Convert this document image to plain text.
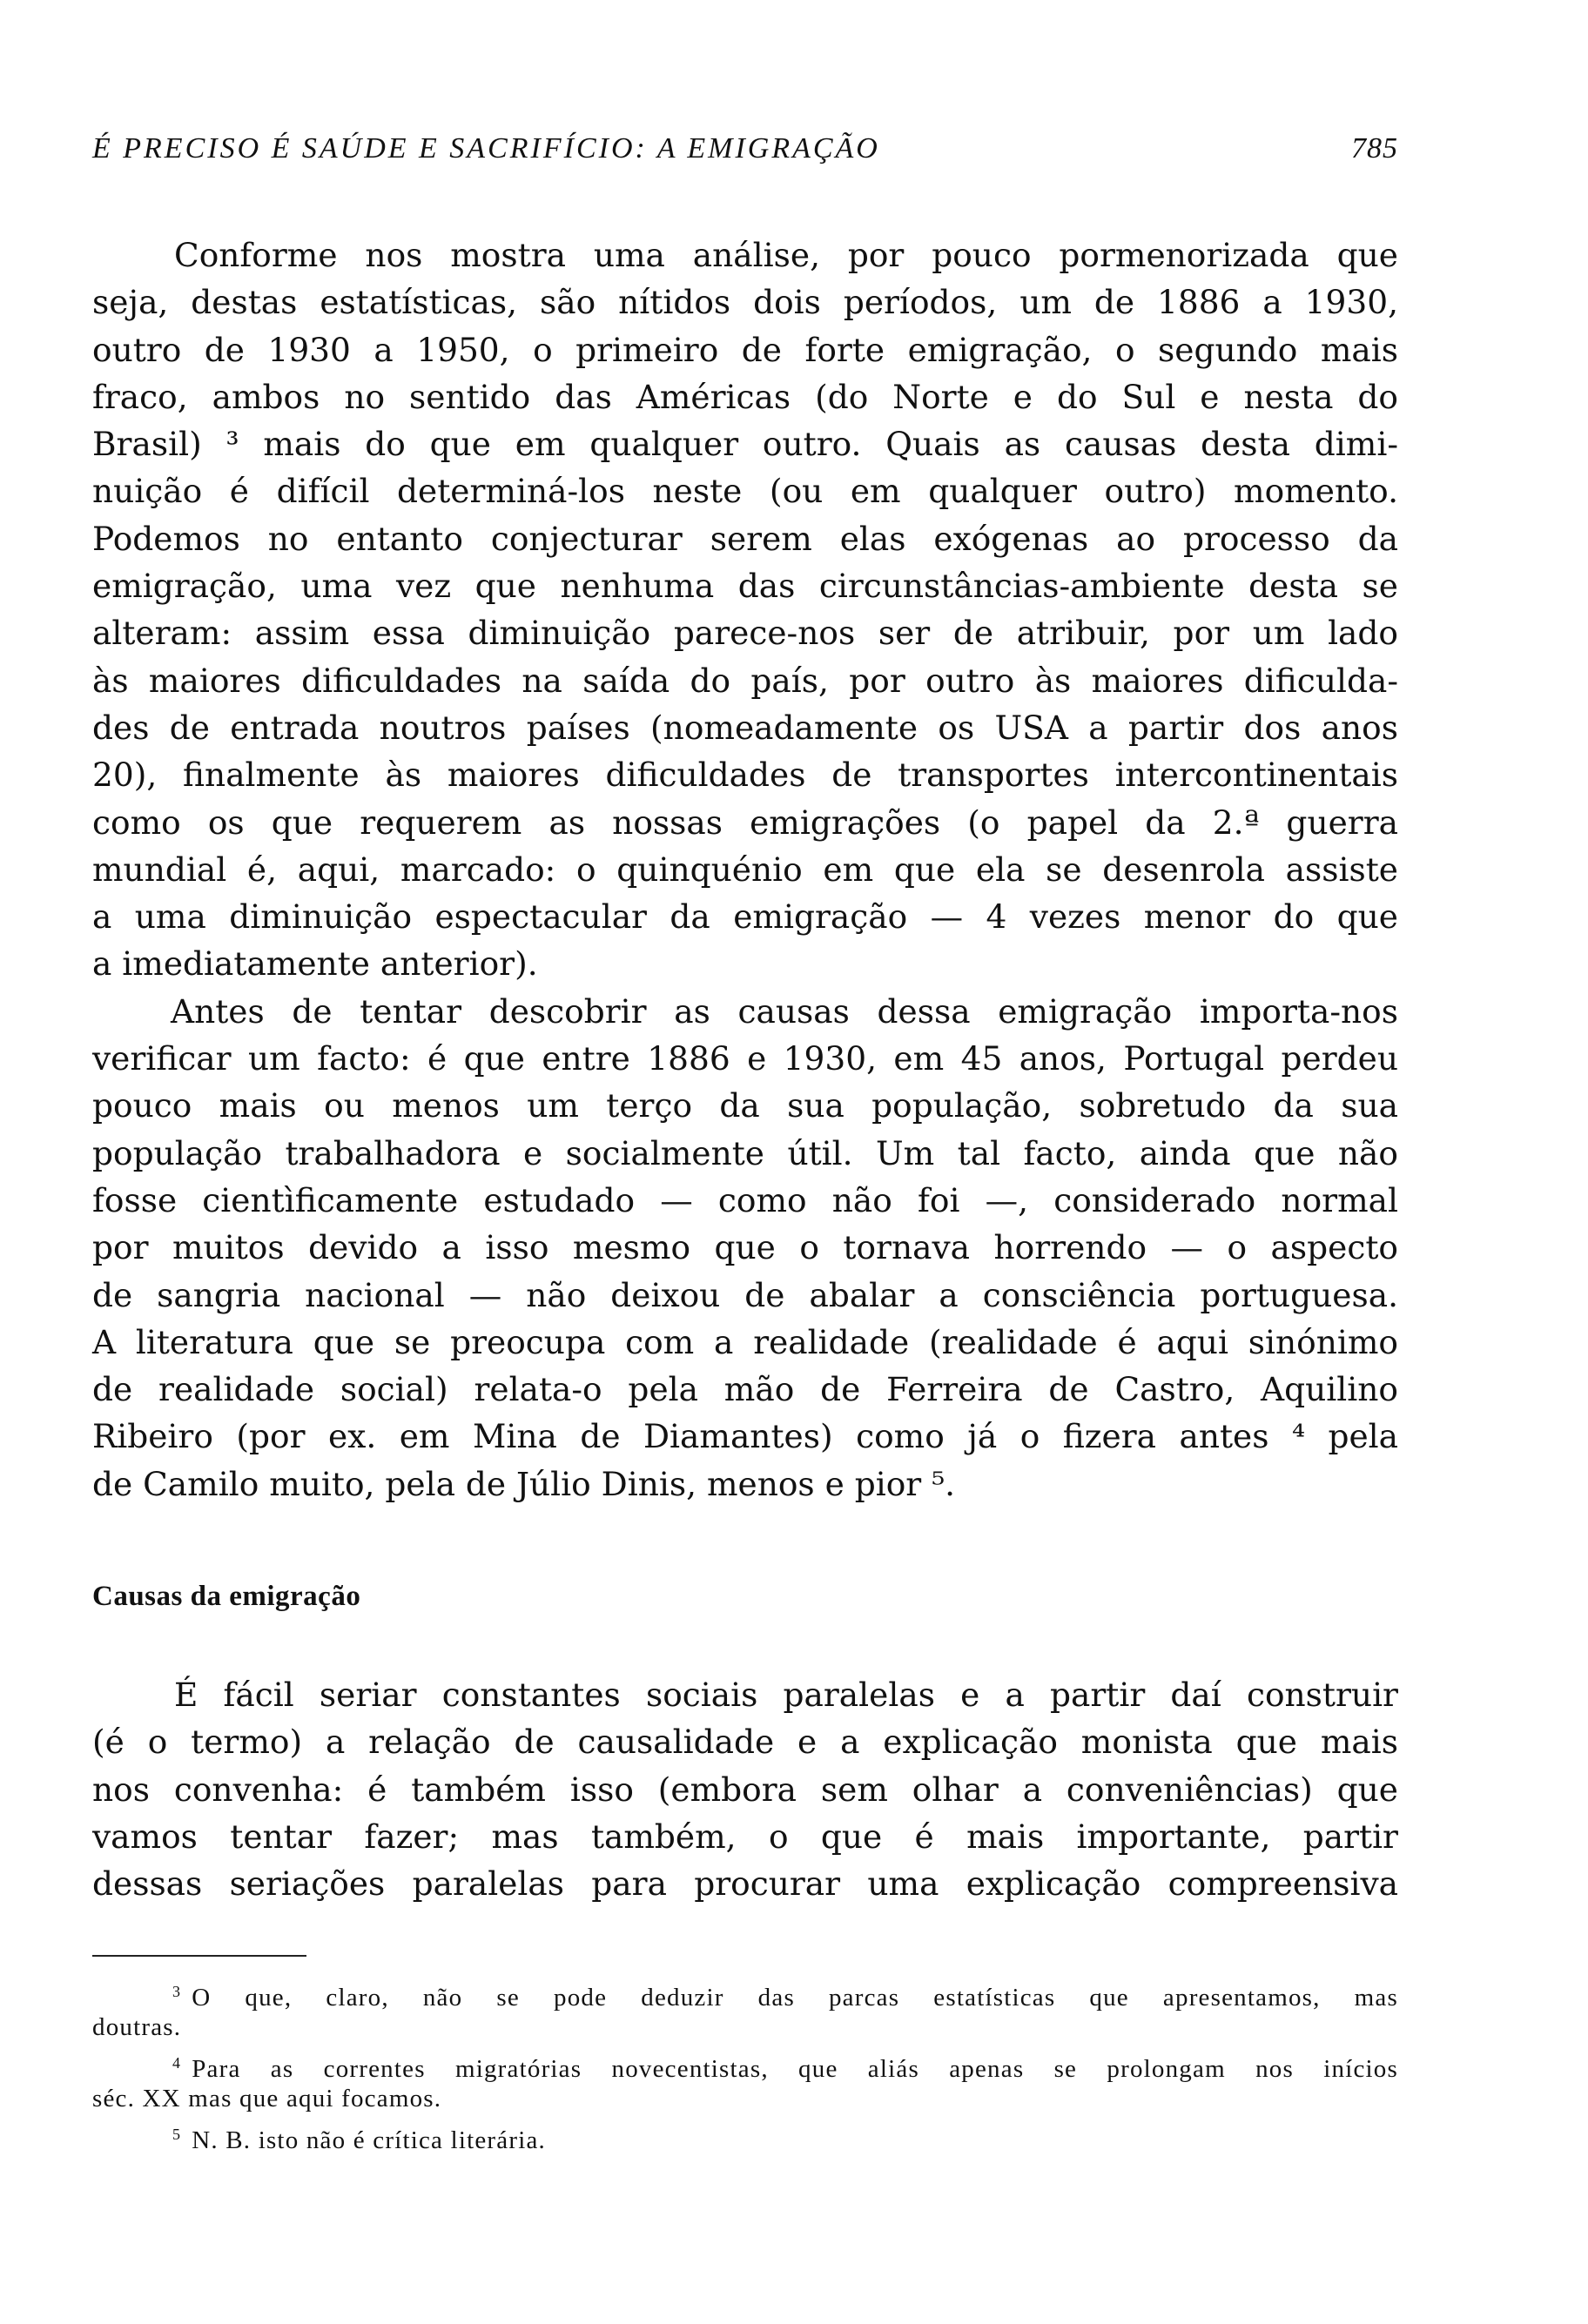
É PRECISO É SAÚDE E SACRIFÍCIO: A EMIGRAÇÃO	785
Conforme nos mostra uma análise, por pouco pormenorizada que
seja, destas estatísticas, são nítidos dois períodos, um de 1886 a 1930,
outro de 1930 a 1950, o primeiro de forte emigração, o segundo mais
fraco, ambos no sentido das Américas (do Norte e do Sul e nesta do
Brasil) ³ mais do que em qualquer outro. Quais as causas desta dimi-
nuição é difícil determiná-los neste (ou em qualquer outro) momento.
Podemos no entanto conjecturar serem elas exógenas ao processo da
emigração, uma vez que nenhuma das circunstâncias-ambiente desta se
alteram: assim essa diminuição parece-nos ser de atribuir, por um lado
às maiores dificuldades na saída do país, por outro às maiores dificulda-
des de entrada noutros países (nomeadamente os USA a partir dos anos
20), finalmente às maiores dificuldades de transportes intercontinentais
como os que requerem as nossas emigrações (o papel da 2.ª guerra
mundial é, aqui, marcado: o quinquénio em que ela se desenrola assiste
a uma diminuição espectacular da emigração — 4 vezes menor do que
a imediatamente anterior).
Antes de tentar descobrir as causas dessa emigração importa-nos
verificar um facto: é que entre 1886 e 1930, em 45 anos, Portugal perdeu
pouco mais ou menos um terço da sua população, sobretudo da sua
população trabalhadora e socialmente útil. Um tal facto, ainda que não
fosse cientìficamente estudado — como não foi —, considerado normal
por muitos devido a isso mesmo que o tornava horrendo — o aspecto
de sangria nacional — não deixou de abalar a consciência portuguesa.
A literatura que se preocupa com a realidade (realidade é aqui sinónimo
de realidade social) relata-o pela mão de Ferreira de Castro, Aquilino
Ribeiro (por ex. em Mina de Diamantes) como já o fizera antes ⁴ pela
de Camilo muito, pela de Júlio Dinis, menos e pior ⁵.
Causas da emigração
É fácil seriar constantes sociais paralelas e a partir daí construir
(é o termo) a relação de causalidade e a explicação monista que mais
nos convenha: é também isso (embora sem olhar a conveniências) que
vamos tentar fazer; mas também, o que é mais importante, partir
dessas seriações paralelas para procurar uma explicação compreensiva
$^3$ O que, claro, não se pode deduzir das parcas estatísticas que apresentamos, mas
doutras.
$^4$ Para as correntes migratórias novecentistas, que aliás apenas se prolongam nos inícios
séc. XX mas que aqui focamos.
$^5$ N. B. isto não é crítica literária.
